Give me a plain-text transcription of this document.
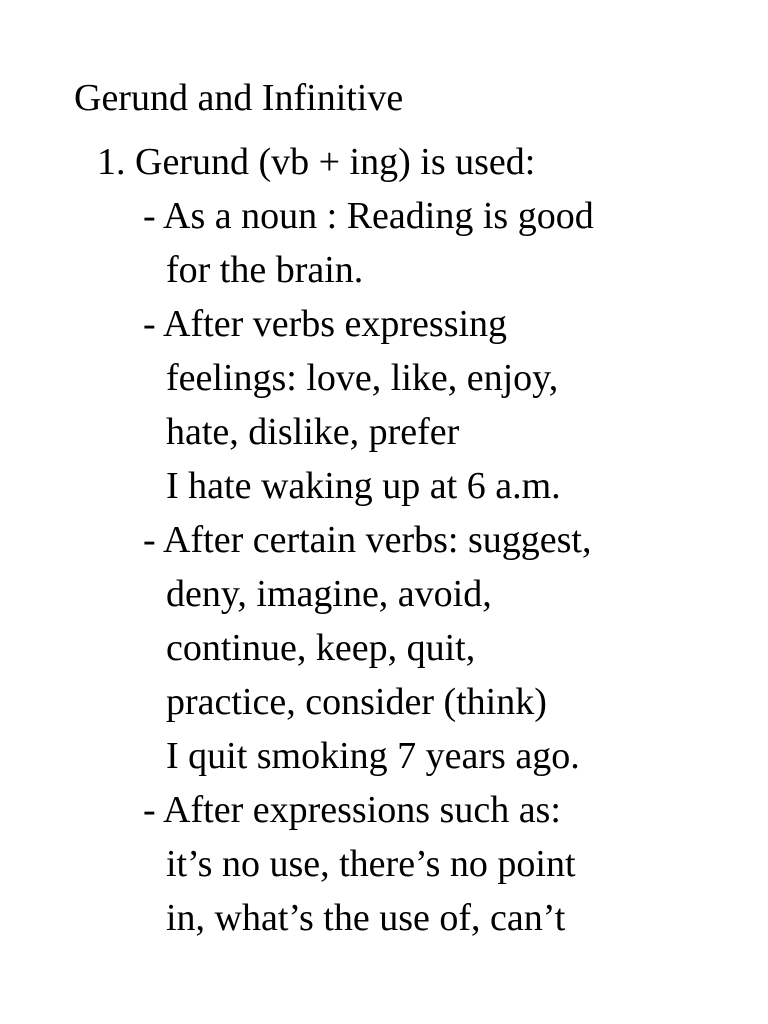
Gerund and Infinitive

1. Gerund (vb + ing) is used:

- As a noun : Reading is good

for the brain.

- After verbs expressing

feelings: love, like, enjoy,

hate, dislike, prefer

I hate waking up at 6 a.m.

- After certain verbs: suggest,

deny, imagine, avoid,

continue, keep, quit,

practice, consider (think)

I quit smoking 7 years ago.

- After expressions such as:

it’s no use, there’s no point

in, what’s the use of, can’t
